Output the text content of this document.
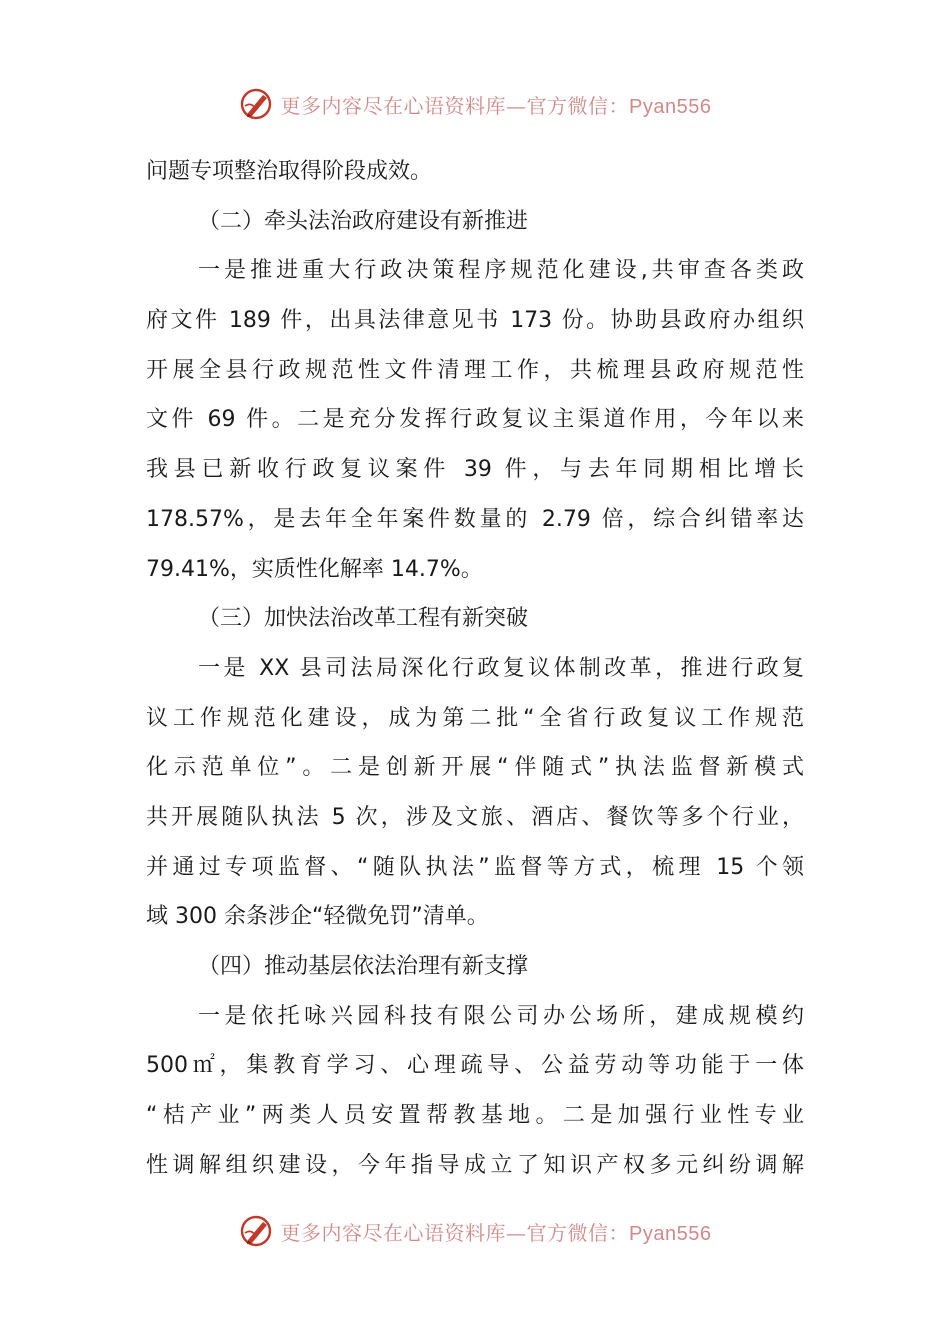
更多内容尽在心语资料库—官方微信：Pyan556
问题专项整治取得阶段成效。
（二）牵头法治政府建设有新推进
一是推进重大行政决策程序规范化建设,共审查各类政
府文件 189 件，出具法律意见书 173 份。协助县政府办组织
开展全县行政规范性文件清理工作，共梳理县政府规范性
文件 69 件。二是充分发挥行政复议主渠道作用，今年以来
我县已新收行政复议案件 39 件，与去年同期相比增长
178.57%，是去年全年案件数量的 2.79 倍，综合纠错率达
79.41%，实质性化解率 14.7%。
（三）加快法治改革工程有新突破
一是 XX 县司法局深化行政复议体制改革，推进行政复
议工作规范化建设，成为第二批“全省行政复议工作规范
化示范单位”。二是创新开展“伴随式”执法监督新模式
共开展随队执法 5 次，涉及文旅、酒店、餐饮等多个行业，
并通过专项监督、“随队执法”监督等方式，梳理 15 个领
域 300 余条涉企“轻微免罚”清单。
（四）推动基层依法治理有新支撑
一是依托咏兴园科技有限公司办公场所，建成规模约
500㎡，集教育学习、心理疏导、公益劳动等功能于一体
“桔产业”两类人员安置帮教基地。二是加强行业性专业
性调解组织建设，今年指导成立了知识产权多元纠纷调解
更多内容尽在心语资料库—官方微信：Pyan556
